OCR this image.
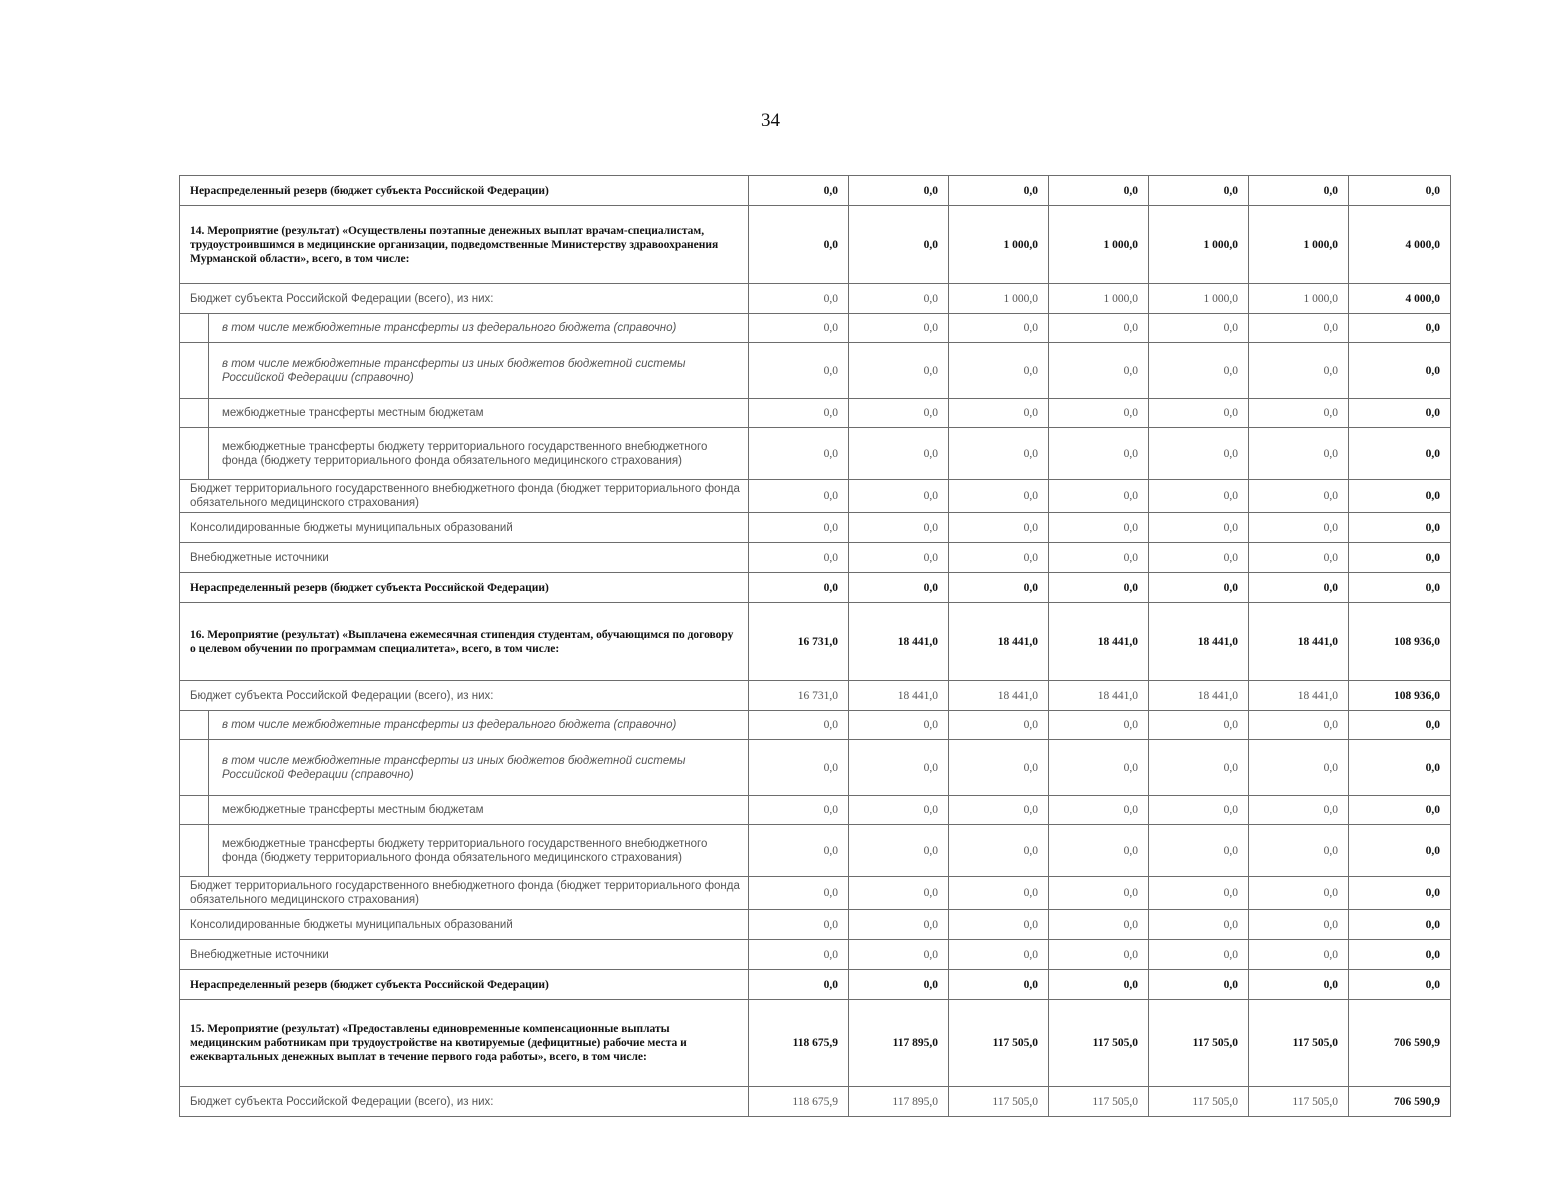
34
Нераспределенный резерв (бюджет субъекта Российской Федерации)	0,0	0,0	0,0	0,0	0,0	0,0	0,0
14. Мероприятие (результат) «Осуществлены поэтапные денежных выплат врачам-специалистам, трудоустроившимся в медицинские организации, подведомственные Министерству здравоохранения Мурманской области», всего, в том числе:	0,0	0,0	1 000,0	1 000,0	1 000,0	1 000,0	4 000,0
Бюджет субъекта Российской Федерации (всего), из них:	0,0	0,0	1 000,0	1 000,0	1 000,0	1 000,0	4 000,0
в том числе межбюджетные трансферты из федерального бюджета (справочно)	0,0	0,0	0,0	0,0	0,0	0,0	0,0
в том числе межбюджетные трансферты из иных бюджетов бюджетной системы Российской Федерации (справочно)	0,0	0,0	0,0	0,0	0,0	0,0	0,0
межбюджетные трансферты местным бюджетам	0,0	0,0	0,0	0,0	0,0	0,0	0,0
межбюджетные трансферты бюджету территориального государственного внебюджетного фонда (бюджету территориального фонда обязательного медицинского страхования)	0,0	0,0	0,0	0,0	0,0	0,0	0,0
Бюджет территориального государственного внебюджетного фонда (бюджет территориального фонда обязательного медицинского страхования)	0,0	0,0	0,0	0,0	0,0	0,0	0,0
Консолидированные бюджеты муниципальных образований	0,0	0,0	0,0	0,0	0,0	0,0	0,0
Внебюджетные источники	0,0	0,0	0,0	0,0	0,0	0,0	0,0
Нераспределенный резерв (бюджет субъекта Российской Федерации)	0,0	0,0	0,0	0,0	0,0	0,0	0,0
16. Мероприятие (результат) «Выплачена ежемесячная стипендия студентам, обучающимся по договору о целевом обучении по программам специалитета», всего, в том числе:	16 731,0	18 441,0	18 441,0	18 441,0	18 441,0	18 441,0	108 936,0
Бюджет субъекта Российской Федерации (всего), из них:	16 731,0	18 441,0	18 441,0	18 441,0	18 441,0	18 441,0	108 936,0
в том числе межбюджетные трансферты из федерального бюджета (справочно)	0,0	0,0	0,0	0,0	0,0	0,0	0,0
в том числе межбюджетные трансферты из иных бюджетов бюджетной системы Российской Федерации (справочно)	0,0	0,0	0,0	0,0	0,0	0,0	0,0
межбюджетные трансферты местным бюджетам	0,0	0,0	0,0	0,0	0,0	0,0	0,0
межбюджетные трансферты бюджету территориального государственного внебюджетного фонда (бюджету территориального фонда обязательного медицинского страхования)	0,0	0,0	0,0	0,0	0,0	0,0	0,0
Бюджет территориального государственного внебюджетного фонда (бюджет территориального фонда обязательного медицинского страхования)	0,0	0,0	0,0	0,0	0,0	0,0	0,0
Консолидированные бюджеты муниципальных образований	0,0	0,0	0,0	0,0	0,0	0,0	0,0
Внебюджетные источники	0,0	0,0	0,0	0,0	0,0	0,0	0,0
Нераспределенный резерв (бюджет субъекта Российской Федерации)	0,0	0,0	0,0	0,0	0,0	0,0	0,0
15. Мероприятие (результат) «Предоставлены единовременные компенсационные выплаты медицинским работникам при трудоустройстве на квотируемые (дефицитные) рабочие места и ежеквартальных денежных выплат в течение первого года работы», всего, в том числе:	118 675,9	117 895,0	117 505,0	117 505,0	117 505,0	117 505,0	706 590,9
Бюджет субъекта Российской Федерации (всего), из них:	118 675,9	117 895,0	117 505,0	117 505,0	117 505,0	117 505,0	706 590,9
